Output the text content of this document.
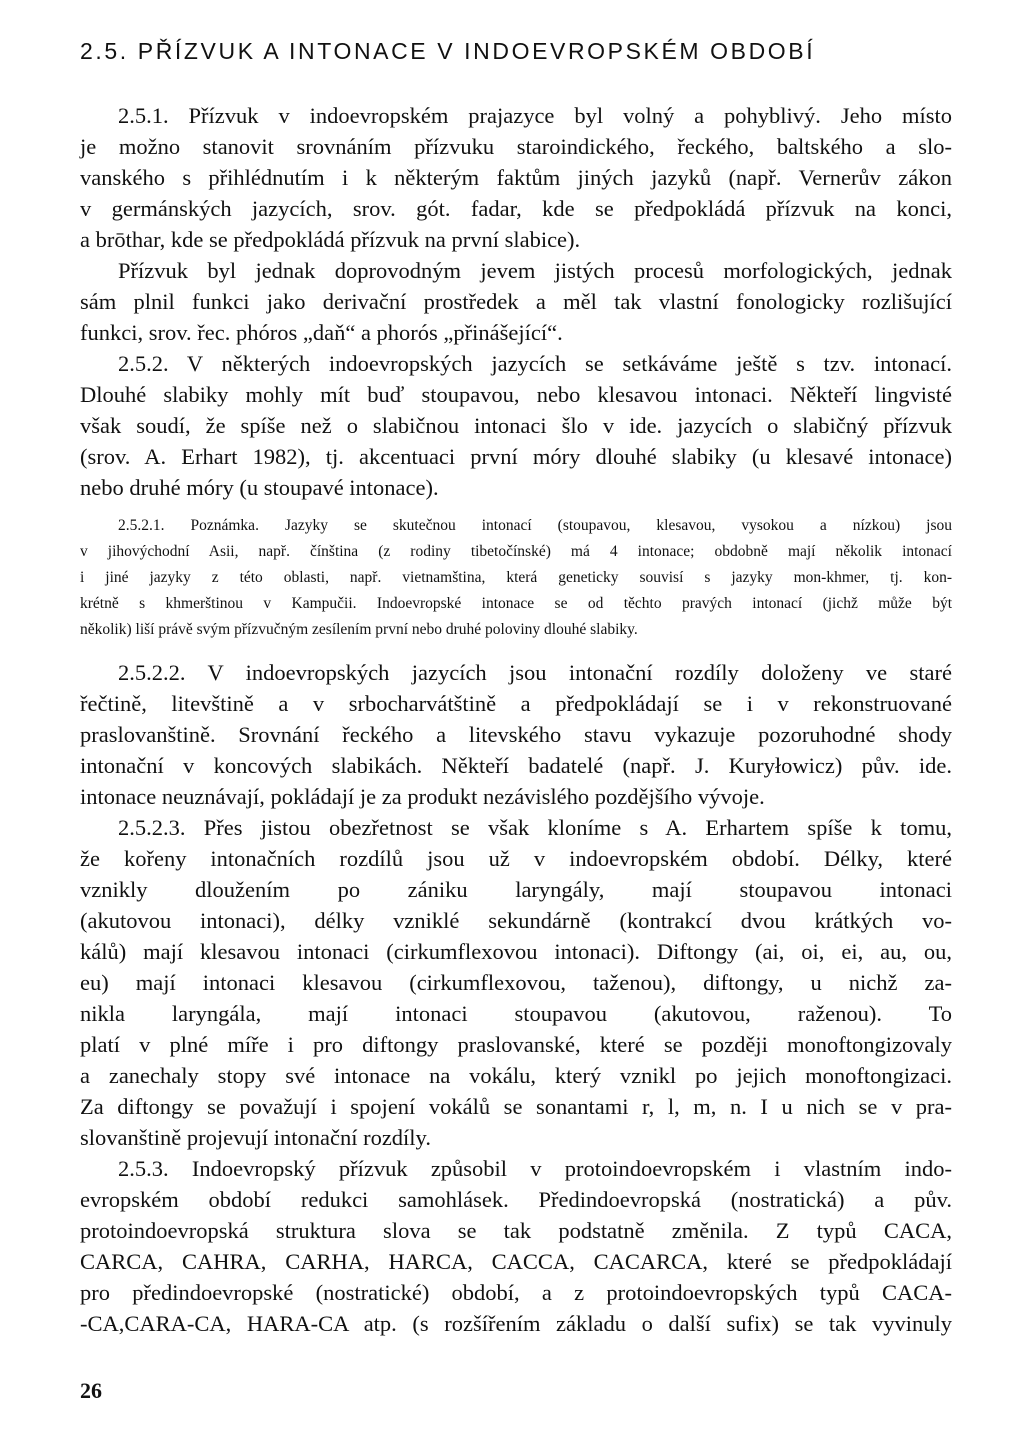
2.5. PŘÍZVUK A INTONACE V INDOEVROPSKÉM OBDOBÍ
2.5.1. Přízvuk v indoevropském prajazyce byl volný a pohyblivý. Jeho místo
je možno stanovit srovnáním přízvuku staroindického, řeckého, baltského a slo-
vanského s přihlédnutím i k některým faktům jiných jazyků (např. Vernerův zákon
v germánských jazycích, srov. gót. fadar, kde se předpokládá přízvuk na konci,
a brōthar, kde se předpokládá přízvuk na první slabice).
Přízvuk byl jednak doprovodným jevem jistých procesů morfologických, jednak
sám plnil funkci jako derivační prostředek a měl tak vlastní fonologicky rozlišující
funkci, srov. řec. phóros „daň“ a phorós „přinášející“.
2.5.2. V některých indoevropských jazycích se setkáváme ještě s tzv. intonací.
Dlouhé slabiky mohly mít buď stoupavou, nebo klesavou intonaci. Někteří lingvisté
však soudí, že spíše než o slabičnou intonaci šlo v ide. jazycích o slabičný přízvuk
(srov. A. Erhart 1982), tj. akcentuaci první móry dlouhé slabiky (u klesavé intonace)
nebo druhé móry (u stoupavé intonace).
2.5.2.1. Poznámka. Jazyky se skutečnou intonací (stoupavou, klesavou, vysokou a nízkou) jsou
v jihovýchodní Asii, např. čínština (z rodiny tibetočínské) má 4 intonace; obdobně mají několik intonací
i jiné jazyky z této oblasti, např. vietnamština, která geneticky souvisí s jazyky mon-khmer, tj. kon-
krétně s khmerštinou v Kampučii. Indoevropské intonace se od těchto pravých intonací (jichž může být
několik) liší právě svým přízvučným zesílením první nebo druhé poloviny dlouhé slabiky.
2.5.2.2. V indoevropských jazycích jsou intonační rozdíly doloženy ve staré
řečtině, litevštině a v srbocharvátštině a předpokládají se i v rekonstruované
praslovanštině. Srovnání řeckého a litevského stavu vykazuje pozoruhodné shody
intonační v koncových slabikách. Někteří badatelé (např. J. Kuryłowicz) pův. ide.
intonace neuznávají, pokládají je za produkt nezávislého pozdějšího vývoje.
2.5.2.3. Přes jistou obezřetnost se však kloníme s A. Erhartem spíše k tomu,
že kořeny intonačních rozdílů jsou už v indoevropském období. Délky, které
vznikly dloužením po zániku laryngály, mají stoupavou intonaci
(akutovou intonaci), délky vzniklé sekundárně (kontrakcí dvou krátkých vo-
kálů) mají klesavou intonaci (cirkumflexovou intonaci). Diftongy (ai, oi, ei, au, ou,
eu) mají intonaci klesavou (cirkumflexovou, taženou), diftongy, u nichž za-
nikla laryngála, mají intonaci stoupavou (akutovou, raženou). To
platí v plné míře i pro diftongy praslovanské, které se později monoftongizovaly
a zanechaly stopy své intonace na vokálu, který vznikl po jejich monoftongizaci.
Za diftongy se považují i spojení vokálů se sonantami r, l, m, n. I u nich se v pra-
slovanštině projevují intonační rozdíly.
2.5.3. Indoevropský přízvuk způsobil v protoindoevropském i vlastním indo-
evropském období redukci samohlásek. Předindoevropská (nostratická) a pův.
protoindoevropská struktura slova se tak podstatně změnila. Z typů CACA,
CARCA, CAHRA, CARHA, HARCA, CACCA, CACARCA, které se předpokládají
pro předindoevropské (nostratické) období, a z protoindoevropských typů CACA-
-CA,CARA-CA, HARA-CA atp. (s rozšířením základu o další sufix) se tak vyvinuly
26
